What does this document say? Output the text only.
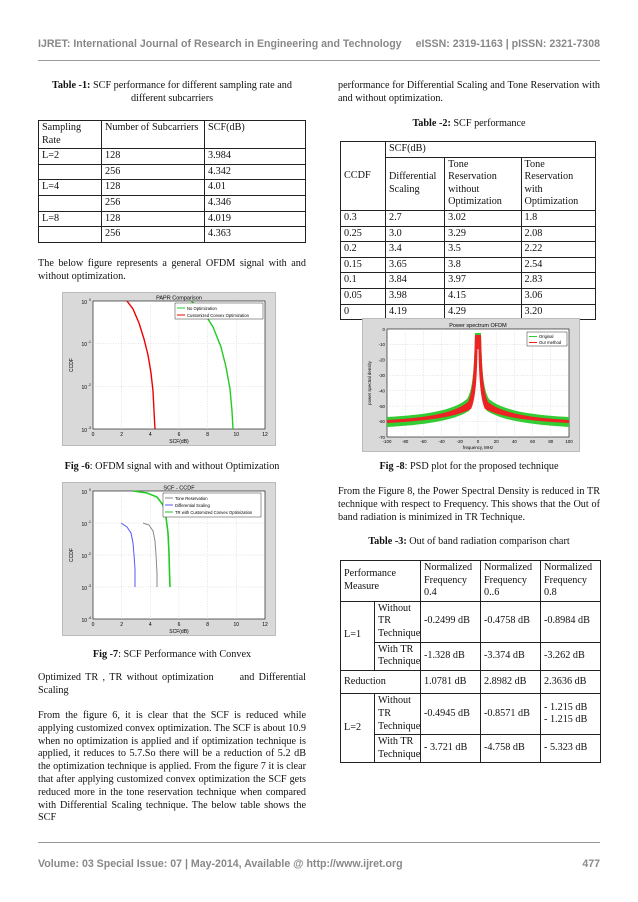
IJRET: International Journal of Research in Engineering and Technology eISSN: 2319-1163 | pISSN: 2321-7308
Table -1: SCF performance for different sampling rate and different subcarriers
Sampling Rate	Number of Subcarriers	SCF(dB)
L=2	128	3.984
	256	4.342
L=4	128	4.01
	256	4.346
L=8	128	4.019
	256	4.363
The below figure represents a general OFDM signal with and without optimization.
PAPR Comparison
0	2	4	6	8	10	12
SCF(dB)
10 0
10 -1
10 -2
10 -3
CCDF
No Optimization
Customized Convex Optimization
Fig -6: OFDM signal with and without Optimization
SCF - CCDF
0	2	4	6	8	10	12
SCF(dB)
10 0
10 -1
10 -2
10 -3
10 -4
CCDF
Tone Reservation
Differential Scaling
TR with Customized Convex Optimization
Fig -7: SCF Performance with Convex
Optimized TR , TR without optimization      and Differential Scaling
From the figure 6, it is clear that the SCF is reduced while applying customized convex optimization. The SCF is about 10.9 when no optimization is applied and if optimization technique is applied, it reduces to 5.7.So there will be a reduction of 5.2 dB the optimization technique is applied. From the figure 7 it is clear that after applying customized convex optimization the SCF gets reduced more in the tone reservation technique when compared with Differential Scaling technique. The below table shows the SCF
performance for Differential Scaling and Tone Reservation with and without optimization.
Table -2: SCF performance
CCDF	SCF(dB)		
	Differential Scaling	Tone Reservation without Optimization	Tone Reservation with Optimization
0.3	2.7	3.02	1.8
0.25	3.0	3.29	2.08
0.2	3.4	3.5	2.22
0.15	3.65	3.8	2.54
0.1	3.84	3.97	2.83
0.05	3.98	4.15	3.06
0	4.19	4.29	3.20
Power spectrum OFDM
-100 -80	-60	-40	-20	0	20	40	60	80	100
frequency, MHz
0
-10
-20
-30
-40
-50
-60
-70
power spectral density
Original
Our method
Fig -8: PSD plot for the proposed technique
From the Figure 8, the Power Spectral Density is reduced in TR technique with respect to Frequency. This shows that the Out of band radiation is minimized in TR Technique.
Table -3: Out of band radiation comparison chart
Performance Measure		Normalized Frequency 0.4	Normalized Frequency 0..6	Normalized Frequency 0.8
L=1	Without TR Technique	-0.2499 dB	-0.4758 dB	-0.8984 dB
	With TR Technique	-1.328 dB	-3.374 dB	-3.262 dB
Reduction		1.0781 dB	2.8982 dB	2.3636 dB
L=2	Without TR Technique	-0.4945 dB	-0.8571 dB	- 1.215 dB
- 1.215 dB

	With TR Technique	- 3.721 dB	-4.758 dB	- 5.323 dB
Volume: 03 Special Issue: 07 | May-2014, Available @ http://www.ijret.org	477
